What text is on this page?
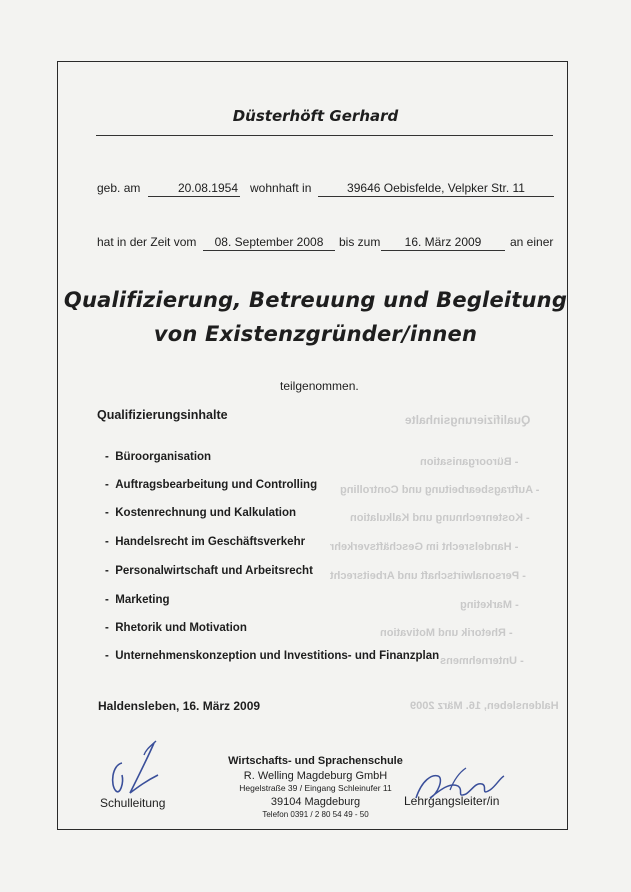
Qualifizierungsinhalte
- Büroorganisation
- Auftragsbearbeitung und Controlling
- Kostenrechnung und Kalkulation
- Handelsrecht im Geschäftsverkehr
- Personalwirtschaft und Arbeitsrecht
- Marketing
- Rhetorik und Motivation
- Unternehmens
Haldensleben, 16. März 2009
Düsterhöft Gerhard
geb. am	20.08.1954 wohnhaft in	39646 Oebisfelde, Velpker Str. 11
hat in der Zeit vom	08. September 2008	bis zum	16. März 2009	an einer
Qualifizierung, Betreuung und Begleitung
von Existenzgründer/innen
teilgenommen.
Qualifizierungsinhalte
- Büroorganisation
- Auftragsbearbeitung und Controlling
- Kostenrechnung und Kalkulation
- Handelsrecht im Geschäftsverkehr
- Personalwirtschaft und Arbeitsrecht
- Marketing
- Rhetorik und Motivation
- Unternehmenskonzeption und Investitions- und Finanzplan
Haldensleben, 16. März 2009
Wirtschafts- und Sprachenschule
R. Welling Magdeburg GmbH
Hegelstraße 39 / Eingang Schleinufer 11
39104 Magdeburg
Telefon 0391 / 2 80 54 49 - 50
Schulleitung	Lehrgangsleiter/in
